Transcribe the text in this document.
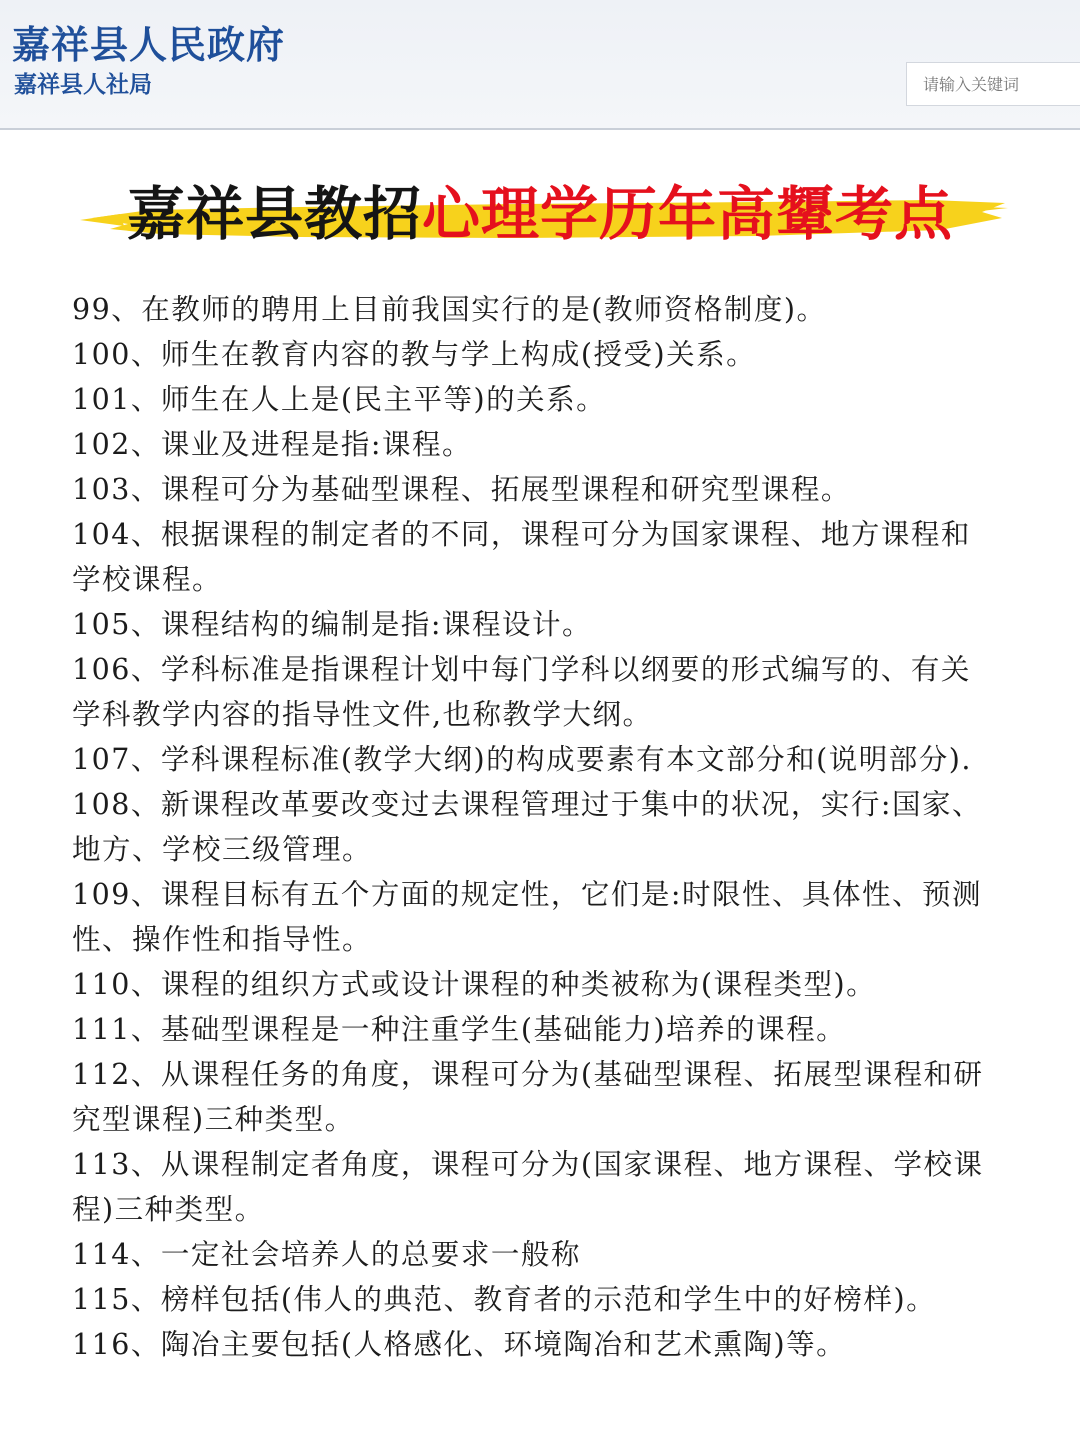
嘉祥县人民政府
嘉祥县人社局
请输入关键词
嘉祥县教招心理学历年高顰考点

99、在教师的聘用上目前我国实行的是(教师资格制度)。

100、师生在教育内容的教与学上构成(授受)关系。

101、师生在人上是(民主平等)的关系。

102、课业及进程是指:课程。

103、课程可分为基础型课程、拓展型课程和研究型课程。

104、根据课程的制定者的不同，课程可分为国家课程、地方课程和

学校课程。

105、课程结构的编制是指:课程设计。

106、学科标准是指课程计划中每门学科以纲要的形式编写的、有关

学科教学内容的指导性文件,也称教学大纲。

107、学科课程标准(教学大纲)的构成要素有本文部分和(说明部分).

108、新课程改革要改变过去课程管理过于集中的状况，实行:国家、

地方、学校三级管理。

109、课程目标有五个方面的规定性，它们是:时限性、具体性、预测

性、操作性和指导性。

110、课程的组织方式或设计课程的种类被称为(课程类型)。

111、基础型课程是一种注重学生(基础能力)培养的课程。

112、从课程任务的角度，课程可分为(基础型课程、拓展型课程和研

究型课程)三种类型。

113、从课程制定者角度，课程可分为(国家课程、地方课程、学校课

程)三种类型。

114、一定社会培养人的总要求一般称

115、榜样包括(伟人的典范、教育者的示范和学生中的好榜样)。

116、陶冶主要包括(人格感化、环境陶冶和艺术熏陶)等。
